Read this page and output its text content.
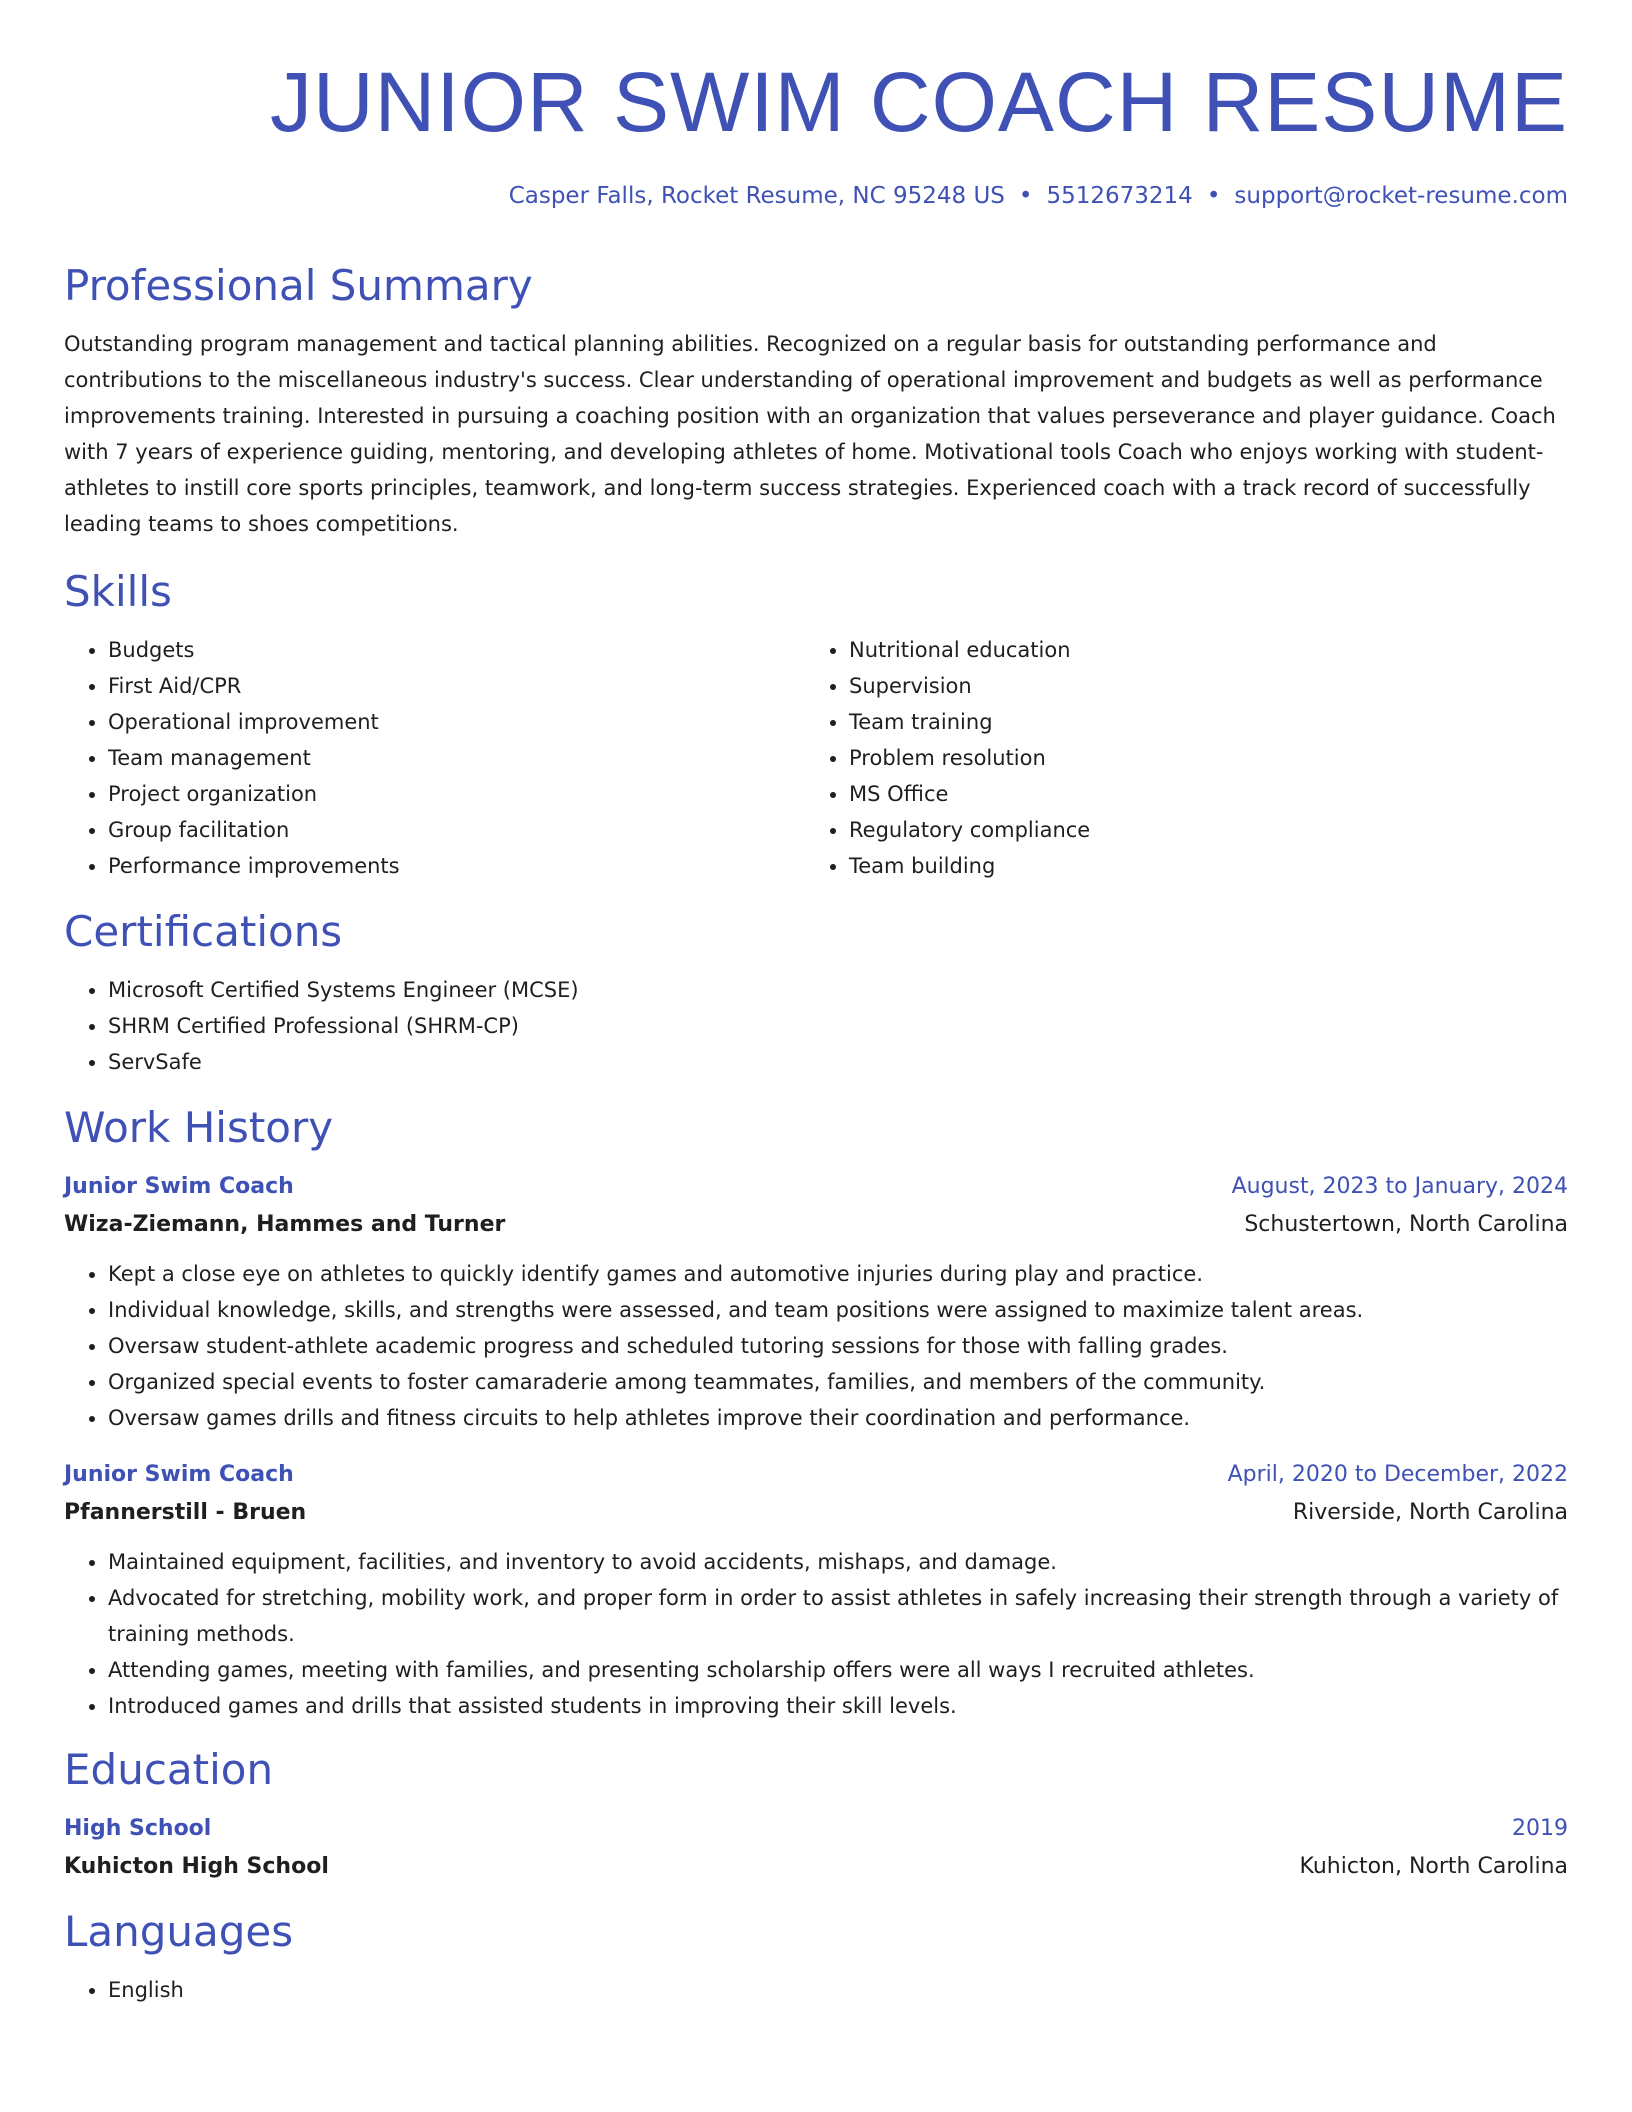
JUNIOR SWIM COACH RESUME
Casper Falls, Rocket Resume, NC 95248 US • 5512673214 • support@rocket-resume.com
Professional Summary

Outstanding program management and tactical planning abilities. Recognized on a regular basis for outstanding performance and contributions to the miscellaneous industry's success. Clear understanding of operational improvement and budgets as well as performance improvements training. Interested in pursuing a coaching position with an organization that values perseverance and player guidance. Coach with 7 years of experience guiding, mentoring, and developing athletes of home. Motivational tools Coach who enjoys working with student-athletes to instill core sports principles, teamwork, and long-term success strategies. Experienced coach with a track record of successfully leading teams to shoes competitions.

Skills
• Budgets
• First Aid/CPR
• Operational improvement
• Team management
• Project organization
• Group facilitation
• Performance improvements
• Nutritional education
• Supervision
• Team training
• Problem resolution
• MS Office
• Regulatory compliance
• Team building
Certifications
• Microsoft Certified Systems Engineer (MCSE)
• SHRM Certified Professional (SHRM-CP)
• ServSafe
Work History
Junior Swim Coach	August, 2023 to January, 2024
Wiza-Ziemann, Hammes and Turner	Schustertown, North Carolina
• Kept a close eye on athletes to quickly identify games and automotive injuries during play and practice.
• Individual knowledge, skills, and strengths were assessed, and team positions were assigned to maximize talent areas.
• Oversaw student-athlete academic progress and scheduled tutoring sessions for those with falling grades.
• Organized special events to foster camaraderie among teammates, families, and members of the community.
• Oversaw games drills and fitness circuits to help athletes improve their coordination and performance.
Junior Swim Coach	April, 2020 to December, 2022
Pfannerstill - Bruen	Riverside, North Carolina
• Maintained equipment, facilities, and inventory to avoid accidents, mishaps, and damage.
• Advocated for stretching, mobility work, and proper form in order to assist athletes in safely increasing their strength through a variety of training methods.
• Attending games, meeting with families, and presenting scholarship offers were all ways I recruited athletes.
• Introduced games and drills that assisted students in improving their skill levels.
Education
High School	2019
Kuhicton High School	Kuhicton, North Carolina
Languages
• English
